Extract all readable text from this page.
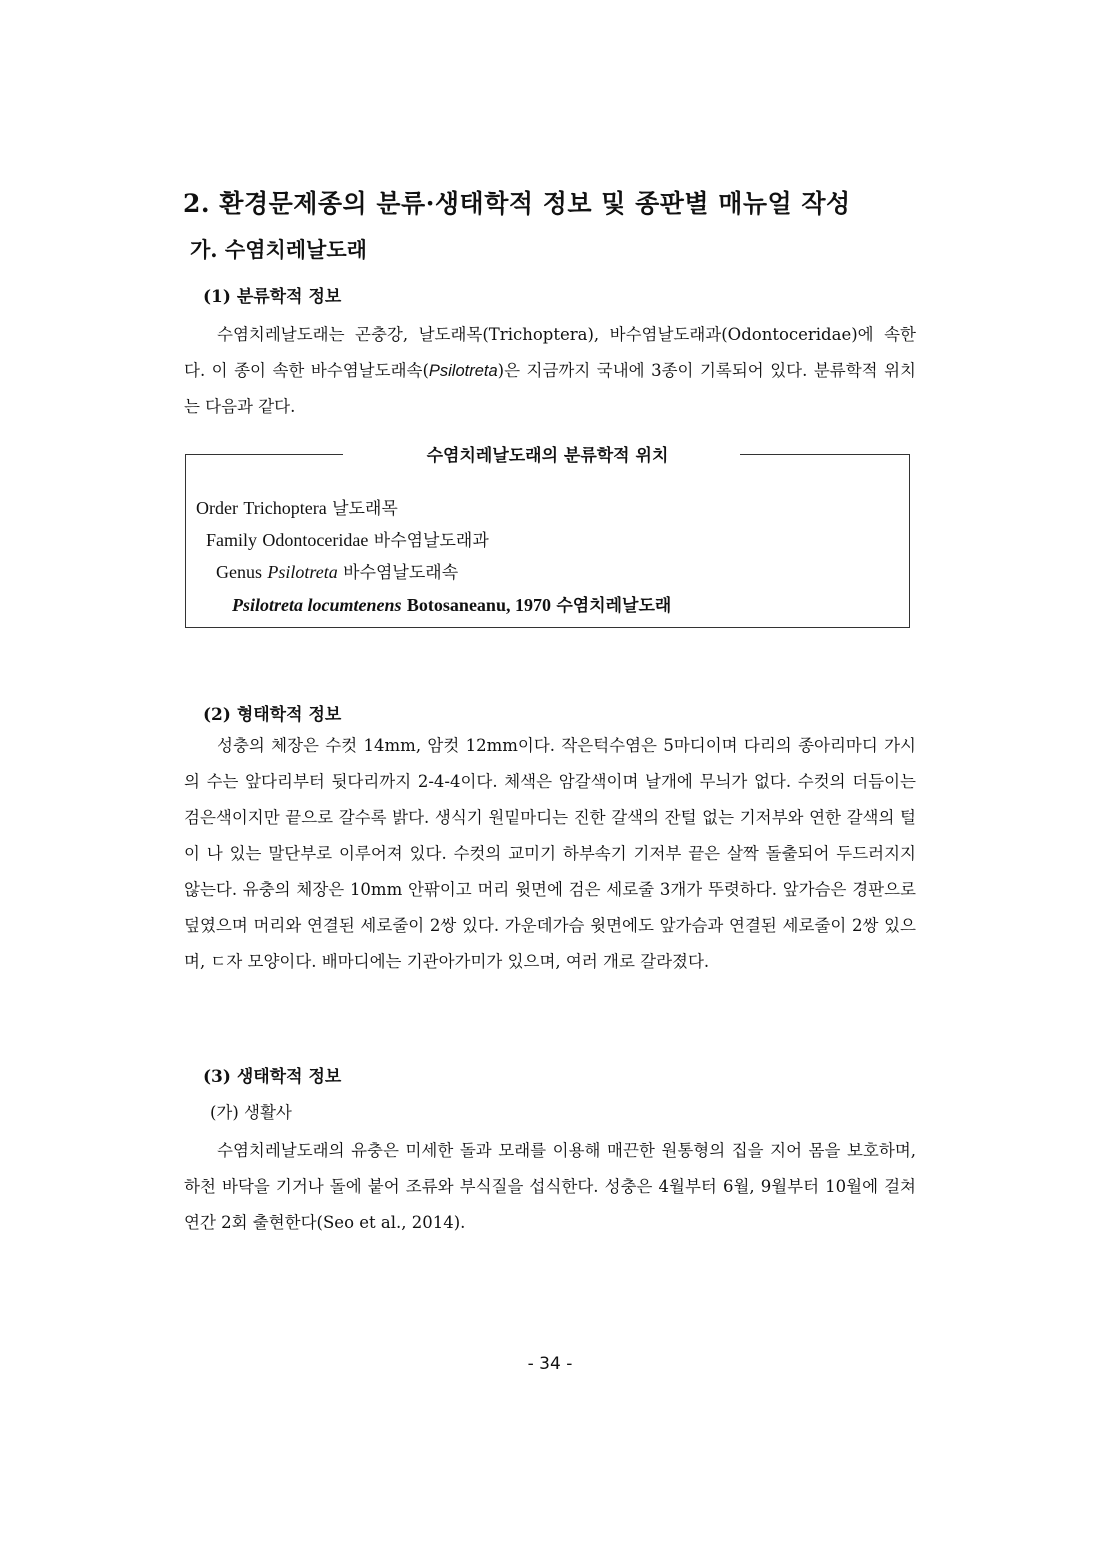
2. 환경문제종의 분류·생태학적 정보 및 종판별 매뉴얼 작성
가. 수염치레날도래
(1) 분류학적 정보
수염치레날도래는 곤충강, 날도래목(Trichoptera), 바수염날도래과(Odontoceridae)에 속한다. 이 종이 속한 바수염날도래속(Psilotreta)은 지금까지 국내에 3종이 기록되어 있다. 분류학적 위치는 다음과 같다.
수염치레날도래의 분류학적 위치
Order Trichoptera 날도래목
Family Odontoceridae 바수염날도래과
Genus Psilotreta 바수염날도래속
Psilotreta locumtenens Botosaneanu, 1970 수염치레날도래
(2) 형태학적 정보
성충의 체장은 수컷 14mm, 암컷 12mm이다. 작은턱수염은 5마디이며 다리의 종아리마디 가시의 수는 앞다리부터 뒷다리까지 2-4-4이다. 체색은 암갈색이며 날개에 무늬가 없다. 수컷의 더듬이는 검은색이지만 끝으로 갈수록 밝다. 생식기 원밑마디는 진한 갈색의 잔털 없는 기저부와 연한 갈색의 털이 나 있는 말단부로 이루어져 있다. 수컷의 교미기 하부속기 기저부 끝은 살짝 돌출되어 두드러지지 않는다. 유충의 체장은 10mm 안팎이고 머리 윗면에 검은 세로줄 3개가 뚜렷하다. 앞가슴은 경판으로 덮였으며 머리와 연결된 세로줄이 2쌍 있다. 가운데가슴 윗면에도 앞가슴과 연결된 세로줄이 2쌍 있으며, ㄷ자 모양이다. 배마디에는 기관아가미가 있으며, 여러 개로 갈라졌다.
(3) 생태학적 정보
(가) 생활사
수염치레날도래의 유충은 미세한 돌과 모래를 이용해 매끈한 원통형의 집을 지어 몸을 보호하며, 하천 바닥을 기거나 돌에 붙어 조류와 부식질을 섭식한다. 성충은 4월부터 6월, 9월부터 10월에 걸쳐 연간 2회 출현한다(Seo et al., 2014).
- 34 -
